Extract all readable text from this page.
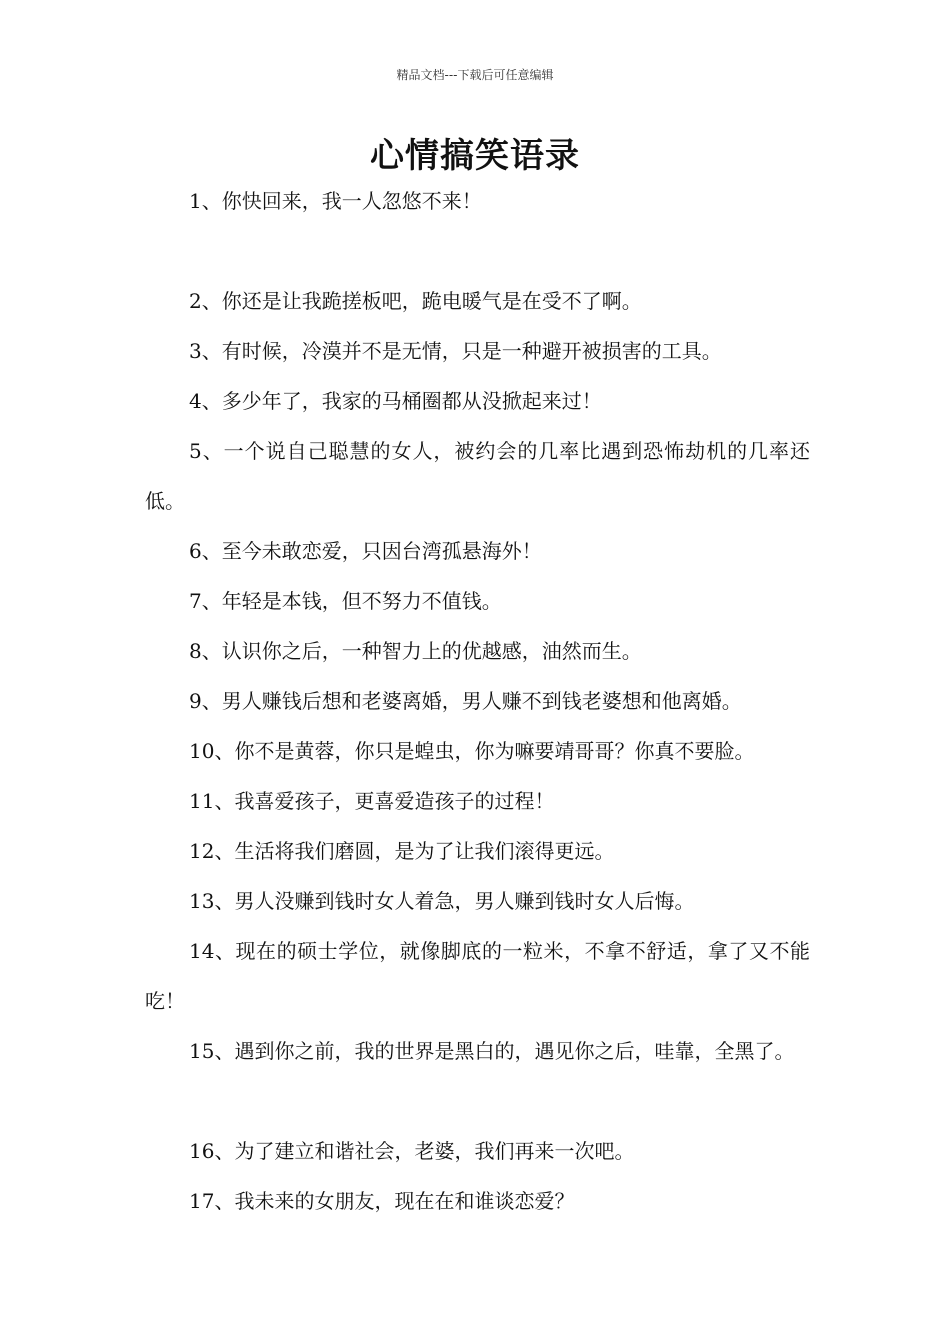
精品文档---下载后可任意编辑
心情搞笑语录

1、你快回来，我一人忽悠不来！

2、你还是让我跪搓板吧，跪电暖气是在受不了啊。

3、有时候，冷漠并不是无情，只是一种避开被损害的工具。

4、多少年了，我家的马桶圈都从没掀起来过！

5、一个说自己聪慧的女人，被约会的几率比遇到恐怖劫机的几率还低。

6、至今未敢恋爱，只因台湾孤悬海外！

7、年轻是本钱，但不努力不值钱。

8、认识你之后，一种智力上的优越感，油然而生。

9、男人赚钱后想和老婆离婚，男人赚不到钱老婆想和他离婚。

10、你不是黄蓉，你只是蝗虫，你为嘛要靖哥哥？你真不要脸。

11、我喜爱孩子，更喜爱造孩子的过程！

12、生活将我们磨圆，是为了让我们滚得更远。

13、男人没赚到钱时女人着急，男人赚到钱时女人后悔。

14、现在的硕士学位，就像脚底的一粒米，不拿不舒适，拿了又不能吃！

15、遇到你之前，我的世界是黑白的，遇见你之后，哇靠，全黑了。

16、为了建立和谐社会，老婆，我们再来一次吧。

17、我未来的女朋友，现在在和谁谈恋爱？
